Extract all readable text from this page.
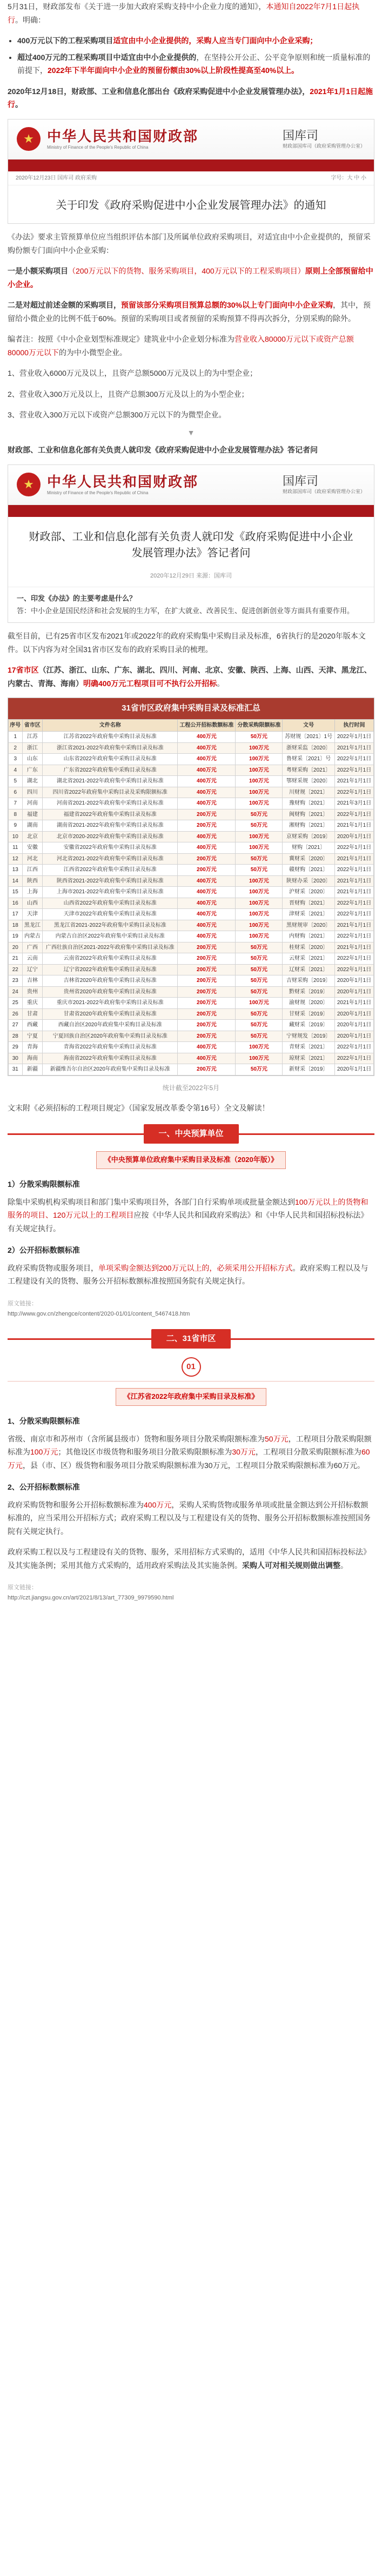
5月31日，财政部发布《关于进一步加大政府采购支持中小企业力度的通知》，本通知自2022年7月1日起执行。明确：

• 400万元以下的工程采购项目适宜由中小企业提供的，采购人应当专门面向中小企业采购；
• 超过400万元的工程采购项目中适宜由中小企业提供的，在坚持公开公正、公平竞争原则和统一质量标准的前提下，2022年下半年面向中小企业的预留份额由30%以上阶段性提高至40%以上。

2020年12月18日，财政部、工业和信息化部出台《政府采购促进中小企业发展管理办法》，2021年1月1日起施行。

★ 中华人民共和国财政部
Ministry of Finance of the People's Republic of China
国库司
财政部国库司（政府采购管理办公室）
2020年12月23日 国库司 政府采购	字号：大 中 小
关于印发《政府采购促进中小企业发展管理办法》的通知

《办法》要求主管预算单位应当组织评估本部门及所属单位政府采购项目，对适宜由中小企业提供的，预留采购份额专门面向中小企业采购：

一是小额采购项目（200万元以下的货物、服务采购项目，400万元以下的工程采购项目）原则上全部预留给中小企业。

二是对超过前述金额的采购项目，预留该部分采购项目预算总额的30%以上专门面向中小企业采购，其中，预留给小微企业的比例不低于60%。预留的采购项目或者预留的采购预算不得再次拆分，分别采购的除外。

编者注：按照《中小企业划型标准规定》建筑业中小企业划分标准为营业收入80000万元以下或资产总额80000万元以下的为中小微型企业。

1、营业收入6000万元及以上，且资产总额5000万元及以上的为中型企业；

2、营业收入300万元及以上，且资产总额300万元及以上的为小型企业；

3、营业收入300万元以下或资产总额300万元以下的为微型企业。

▼

财政部、工业和信息化部有关负责人就印发《政府采购促进中小企业发展管理办法》答记者问

★ 中华人民共和国财政部
Ministry of Finance of the People's Republic of China
国库司
财政部国库司（政府采购管理办公室）
财政部、工业和信息化部有关负责人就印发《政府采购促进中小企业发展管理办法》答记者问
2020年12月29日 来源：国库司
一、印发《办法》的主要考虑是什么？
答：中小企业是国民经济和社会发展的生力军，在扩大就业、改善民生、促进创新创业等方面具有重要作用。

截至目前，已有25省市区发布2021年或2022年的政府采购集中采购目录及标准，6省执行的是2020年版本文件。以下内容为对全国31省市区发布的政府采购目录的梳理。

17省市区（江苏、浙江、山东、广东、湖北、四川、河南、北京、安徽、陕西、上海、山西、天津、黑龙江、内蒙古、青海、海南）明确400万元工程项目可不执行公开招标。

31省市区政府集中采购目录及标准汇总
序号	省市区	文件名称	工程公开招标数额标准	分散采购限额标准	文号	执行时间
1	江苏	江苏省2022年政府集中采购目录及标准	400万元	50万元	苏财规〔2021〕1号	2022年1月1日
2	浙江	浙江省2021-2022年政府集中采购目录及标准	400万元	100万元	浙财采监〔2020〕	2021年1月1日
3	山东	山东省2022年政府集中采购目录及标准	400万元	100万元	鲁财采〔2021〕号	2022年1月1日
4	广东	广东省2022年政府集中采购目录及标准	400万元	100万元	粤财采购〔2021〕	2022年1月1日
5	湖北	湖北省2021-2022年政府集中采购目录及标准	400万元	100万元	鄂财采规〔2020〕	2021年1月1日
6	四川	四川省2022年政府集中采购目录及采购限额标准	400万元	100万元	川财规〔2021〕	2022年1月1日
7	河南	河南省2021-2022年政府集中采购目录及标准	400万元	100万元	豫财购〔2021〕	2021年3月1日
8	福建	福建省2022年政府集中采购目录及标准	200万元	50万元	闽财购〔2021〕	2022年1月1日
9	湖南	湖南省2021-2022年政府集中采购目录及标准	200万元	50万元	湘财购〔2021〕	2021年1月1日
10	北京	北京市2020-2022年政府集中采购目录及标准	400万元	100万元	京财采购〔2019〕	2020年1月1日
11	安徽	安徽省2022年政府集中采购目录及标准	400万元	100万元	财购〔2021〕	2022年1月1日
12	河北	河北省2021-2022年政府集中采购目录及标准	200万元	50万元	冀财采〔2020〕	2021年1月1日
13	江西	江西省2022年政府集中采购目录及标准	200万元	50万元	赣财购〔2021〕	2022年1月1日
14	陕西	陕西省2021-2022年政府集中采购目录及标准	400万元	100万元	陕财办采〔2020〕	2021年1月1日
15	上海	上海市2021-2022年政府集中采购目录及标准	400万元	100万元	沪财采〔2020〕	2021年1月1日
16	山西	山西省2022年政府集中采购目录及标准	400万元	100万元	晋财购〔2021〕	2022年1月1日
17	天津	天津市2022年政府集中采购目录及标准	400万元	100万元	津财采〔2021〕	2022年1月1日
18	黑龙江	黑龙江省2021-2022年政府集中采购目录及标准	400万元	100万元	黑财规审〔2020〕	2021年1月1日
19	内蒙古	内蒙古自治区2022年政府集中采购目录及标准	400万元	100万元	内财购〔2021〕	2022年1月1日
20	广西	广西壮族自治区2021-2022年政府集中采购目录及标准	200万元	50万元	桂财采〔2020〕	2021年1月1日
21	云南	云南省2022年政府集中采购目录及标准	200万元	50万元	云财采〔2021〕	2022年1月1日
22	辽宁	辽宁省2022年政府集中采购目录及标准	200万元	50万元	辽财采〔2021〕	2022年1月1日
23	吉林	吉林省2020年政府集中采购目录及标准	200万元	50万元	吉财采购〔2019〕	2020年1月1日
24	贵州	贵州省2020年政府集中采购目录及标准	200万元	50万元	黔财采〔2019〕	2020年1月1日
25	重庆	重庆市2021-2022年政府集中采购目录及标准	200万元	100万元	渝财规〔2020〕	2021年1月1日
26	甘肃	甘肃省2020年政府集中采购目录及标准	200万元	50万元	甘财采〔2019〕	2020年1月1日
27	西藏	西藏自治区2020年政府集中采购目录及标准	200万元	50万元	藏财采〔2019〕	2020年1月1日
28	宁夏	宁夏回族自治区2020年政府集中采购目录及标准	200万元	50万元	宁财规发〔2019〕	2020年1月1日
29	青海	青海省2022年政府集中采购目录及标准	400万元	100万元	青财采〔2021〕	2022年1月1日
30	海南	海南省2022年政府集中采购目录及标准	400万元	100万元	琼财采〔2021〕	2022年1月1日
31	新疆	新疆维吾尔自治区2020年政府集中采购目录及标准	200万元	50万元	新财采〔2019〕	2020年1月1日
统计截至2022年5月

文末附《必须招标的工程项目规定》（国家发展改革委令第16号）全文及解读！

一、中央预算单位
《中央预算单位政府集中采购目录及标准（2020年版）》
1）分散采购限额标准

除集中采购机构采购项目和部门集中采购项目外，各部门自行采购单项或批量金额达到100万元以上的货物和服务的项目、120万元以上的工程项目应按《中华人民共和国政府采购法》和《中华人民共和国招标投标法》有关规定执行。

2）公开招标数额标准

政府采购货物或服务项目，单项采购金额达到200万元以上的，必须采用公开招标方式。政府采购工程以及与工程建设有关的货物、服务公开招标数额标准按照国务院有关规定执行。

原文链接：
http://www.gov.cn/zhengce/content/2020-01/01/content_5467418.htm
二、31省市区
01
《江苏省2022年政府集中采购目录及标准》
1、分散采购限额标准

省级、南京市和苏州市（含所属县级市）货物和服务项目分散采购限额标准为50万元，工程项目分散采购限额标准为100万元；其他设区市级货物和服务项目分散采购限额标准为30万元，工程项目分散采购限额标准为60万元，县（市、区）级货物和服务项目分散采购限额标准为30万元，工程项目分散采购限额标准为60万元。

2、公开招标数额标准

政府采购货物和服务公开招标数额标准为400万元，采购人采购货物或服务单项或批量金额达到公开招标数额标准的，应当采用公开招标方式；政府采购工程以及与工程建设有关的货物、服务公开招标数额标准按照国务院有关规定执行。

政府采购工程以及与工程建设有关的货物、服务，采用招标方式采购的，适用《中华人民共和国招标投标法》及其实施条例；采用其他方式采购的，适用政府采购法及其实施条例。采购人可对相关规则做出调整。

原文链接：
http://czt.jiangsu.gov.cn/art/2021/8/13/art_77309_9979590.html
